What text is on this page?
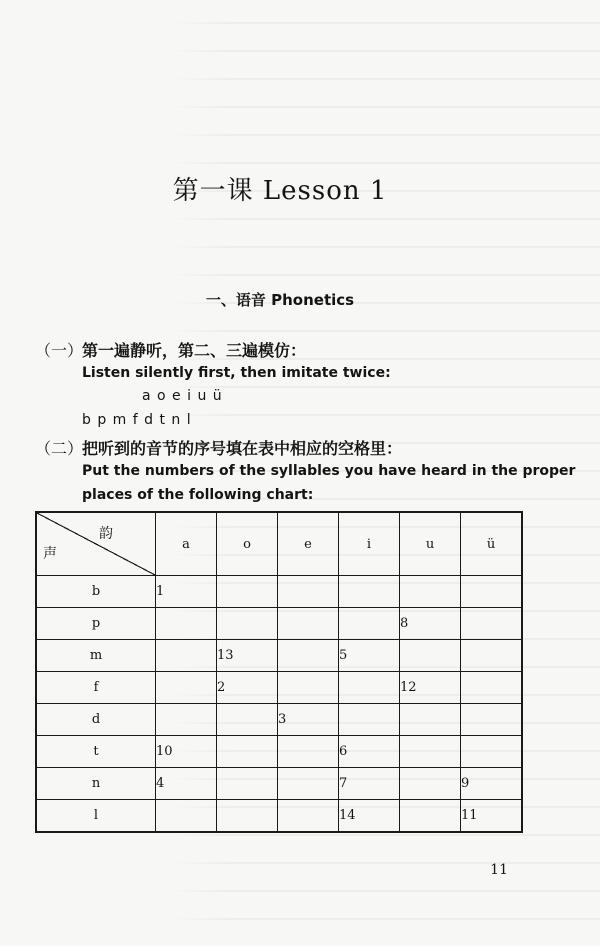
第一课 Lesson 1
一、语音 Phonetics
（一）
第一遍静听，第二、三遍模仿：
Listen silently first, then imitate twice:
a o e i u ü
b p m f d t n l
（二）
把听到的音节的序号填在表中相应的空格里：
Put the numbers of the syllables you have heard in the proper
places of the following chart:
韵
声	a	o	e	i	u	ü
b	1					
p					8	
m		13		5		
f		2			12	
d			3			
t	10			6		
n	4			7		9
l				14		11
11
